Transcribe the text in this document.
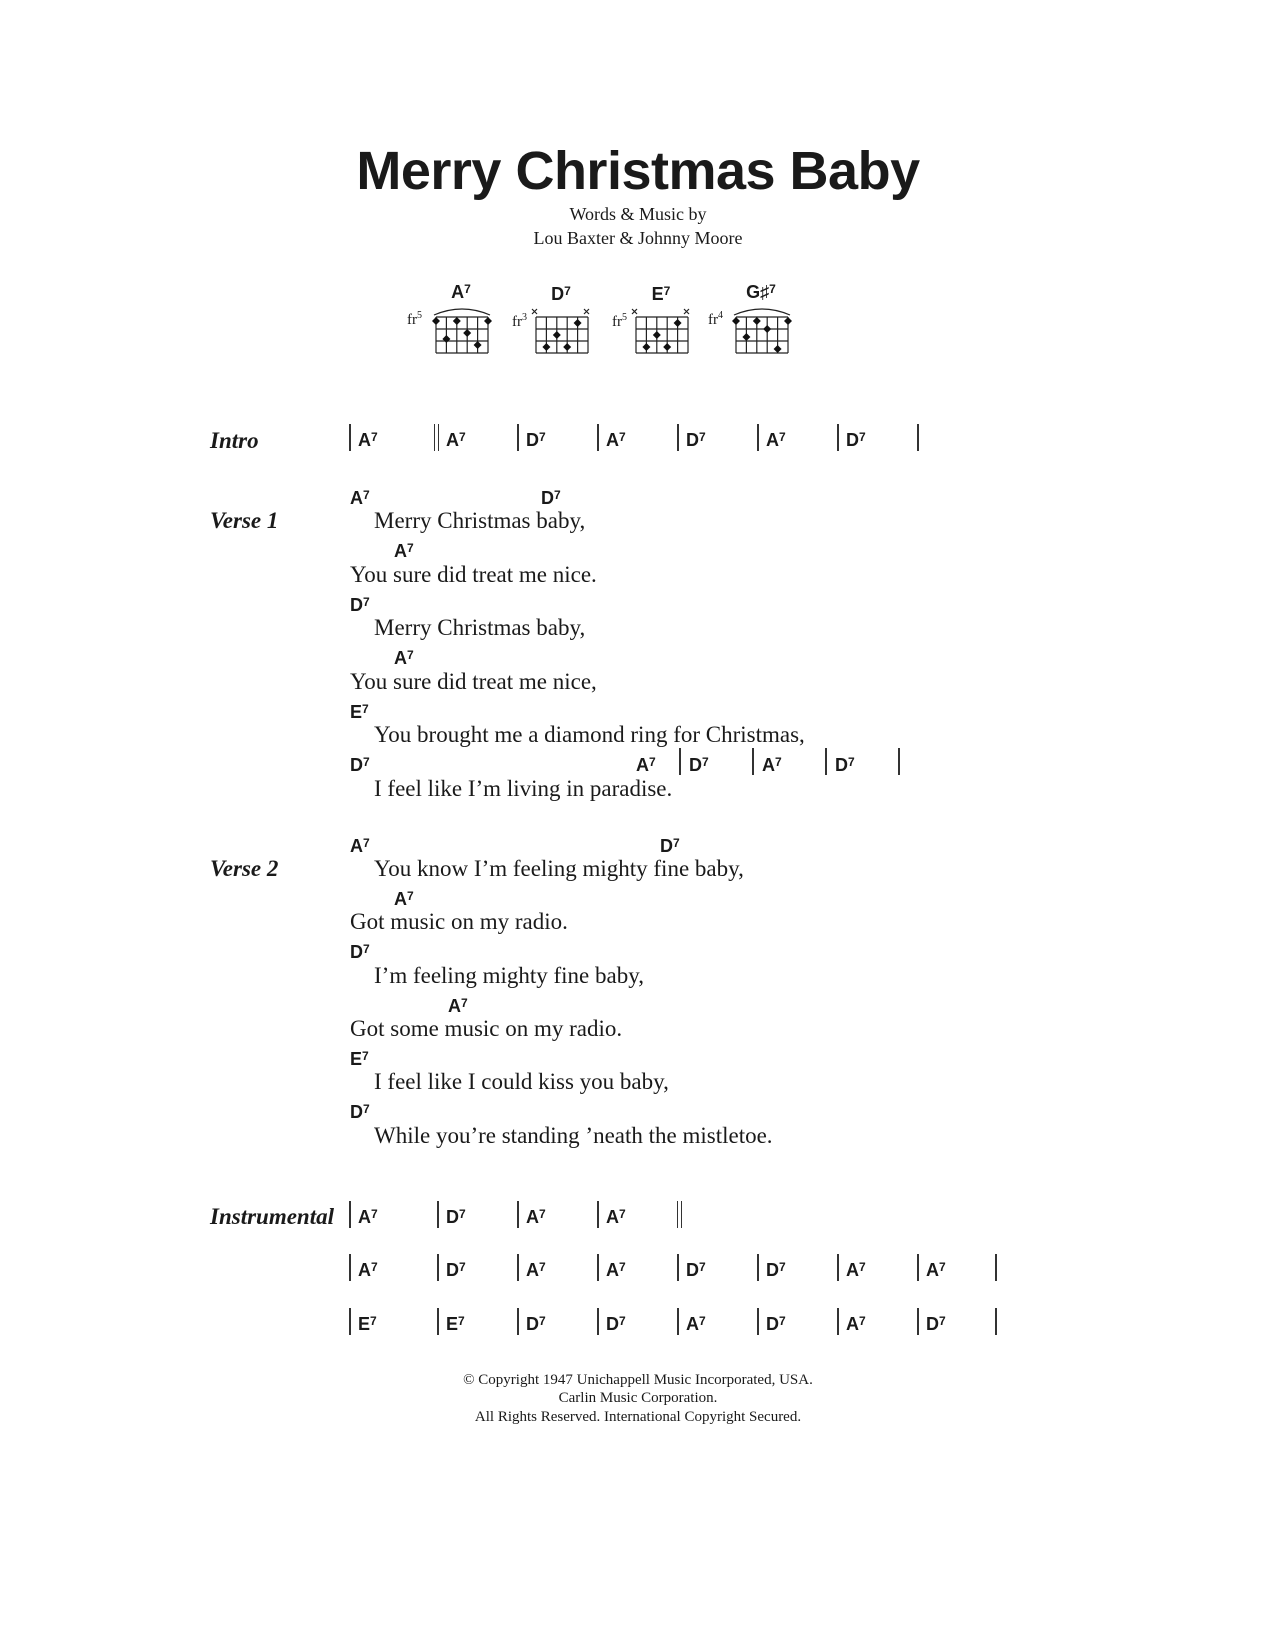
Merry Christmas Baby
Words & Music by
Lou Baxter & Johnny Moore
$A^7$
$fr^5$
$D^7$
$fr^3$
$E^7$
$fr^5$
G♯$^7$
$fr^4$
Intro	$A^7$	$A^7$	$D^7$	$A^7$	$D^7$	$A^7$	$D^7$
Verse 1
$A^7$	$D^7$
Merry Christmas baby,
$A^7$
You sure did treat me nice.
$D^7$
Merry Christmas baby,
$A^7$
You sure did treat me nice,
$E^7$
You brought me a diamond ring for Christmas,
$D^7$	$A^7$ $D^7$	$A^7$	$D^7$
I feel like I’m living in paradise.
Verse 2
$A^7$	$D^7$
You know I’m feeling mighty fine baby,
$A^7$
Got music on my radio.
$D^7$
I’m feeling mighty fine baby,
$A^7$
Got some music on my radio.
$E^7$
I feel like I could kiss you baby,
$D^7$
While you’re standing ’neath the mistletoe.
Instrumental $A^7$	$D^7$	$A^7$	$A^7$
$A^7$	$D^7$	$A^7$	$A^7$	$D^7$	$D^7$	$A^7$	$A^7$
$E^7$	$E^7$	$D^7$	$D^7$	$A^7$	$D^7$	$A^7$	$D^7$
© Copyright 1947 Unichappell Music Incorporated, USA.
Carlin Music Corporation.
All Rights Reserved. International Copyright Secured.
